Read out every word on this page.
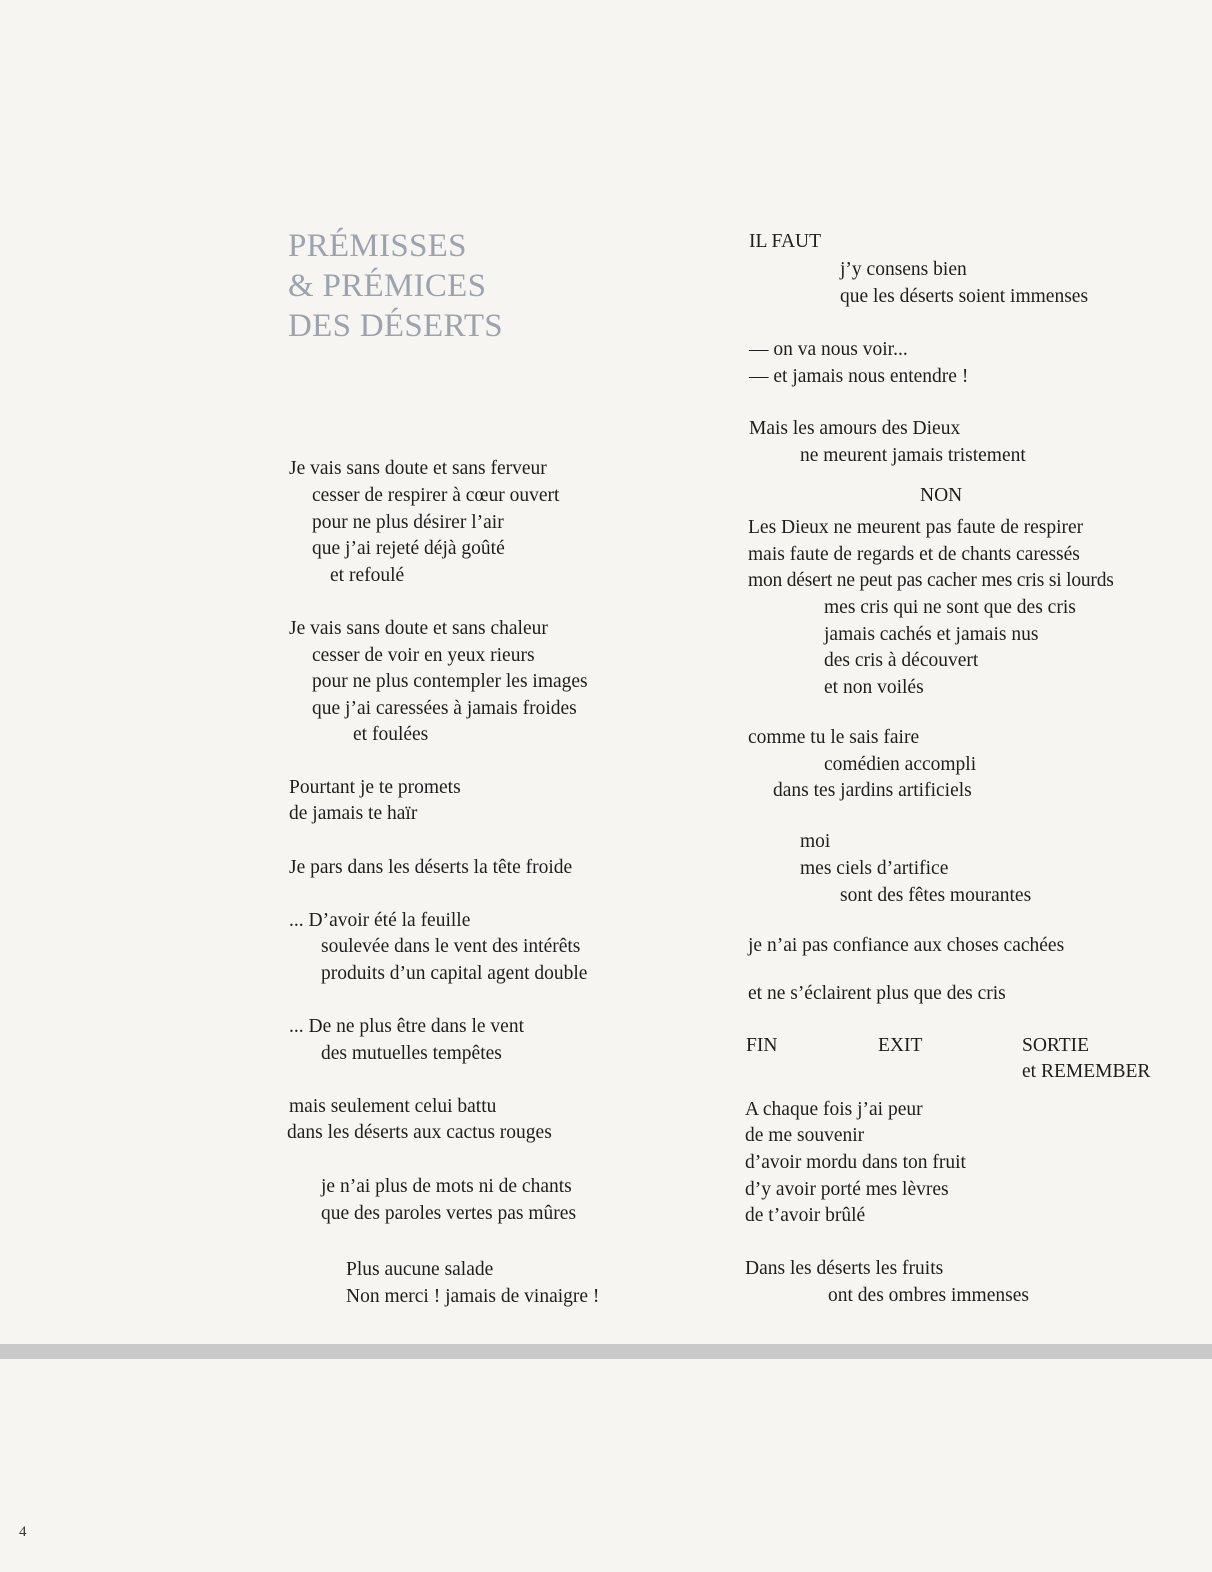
PRÉMISSES
& PRÉMICES
DES DÉSERTS
Je vais sans doute et sans ferveur
cesser de respirer à cœur ouvert
pour ne plus désirer l’air
que j’ai rejeté déjà goûté
et refoulé
Je vais sans doute et sans chaleur
cesser de voir en yeux rieurs
pour ne plus contempler les images
que j’ai caressées à jamais froides
et foulées
Pourtant je te promets
de jamais te haïr
Je pars dans les déserts la tête froide
... D’avoir été la feuille
soulevée dans le vent des intérêts
produits d’un capital agent double
... De ne plus être dans le vent
des mutuelles tempêtes
mais seulement celui battu
dans les déserts aux cactus rouges
je n’ai plus de mots ni de chants
que des paroles vertes pas mûres
Plus aucune salade
Non merci ! jamais de vinaigre !
IL FAUT
j’y consens bien
que les déserts soient immenses
— on va nous voir...
— et jamais nous entendre !
Mais les amours des Dieux
ne meurent jamais tristement
NON
Les Dieux ne meurent pas faute de respirer
mais faute de regards et de chants caressés
mon désert ne peut pas cacher mes cris si lourds
mes cris qui ne sont que des cris
jamais cachés et jamais nus
des cris à découvert
et non voilés
comme tu le sais faire
comédien accompli
dans tes jardins artificiels
moi
mes ciels d’artifice
sont des fêtes mourantes
je n’ai pas confiance aux choses cachées
et ne s’éclairent plus que des cris
FIN	EXIT	SORTIE
et REMEMBER
A chaque fois j’ai peur
de me souvenir
d’avoir mordu dans ton fruit
d’y avoir porté mes lèvres
de t’avoir brûlé
Dans les déserts les fruits
ont des ombres immenses
4
